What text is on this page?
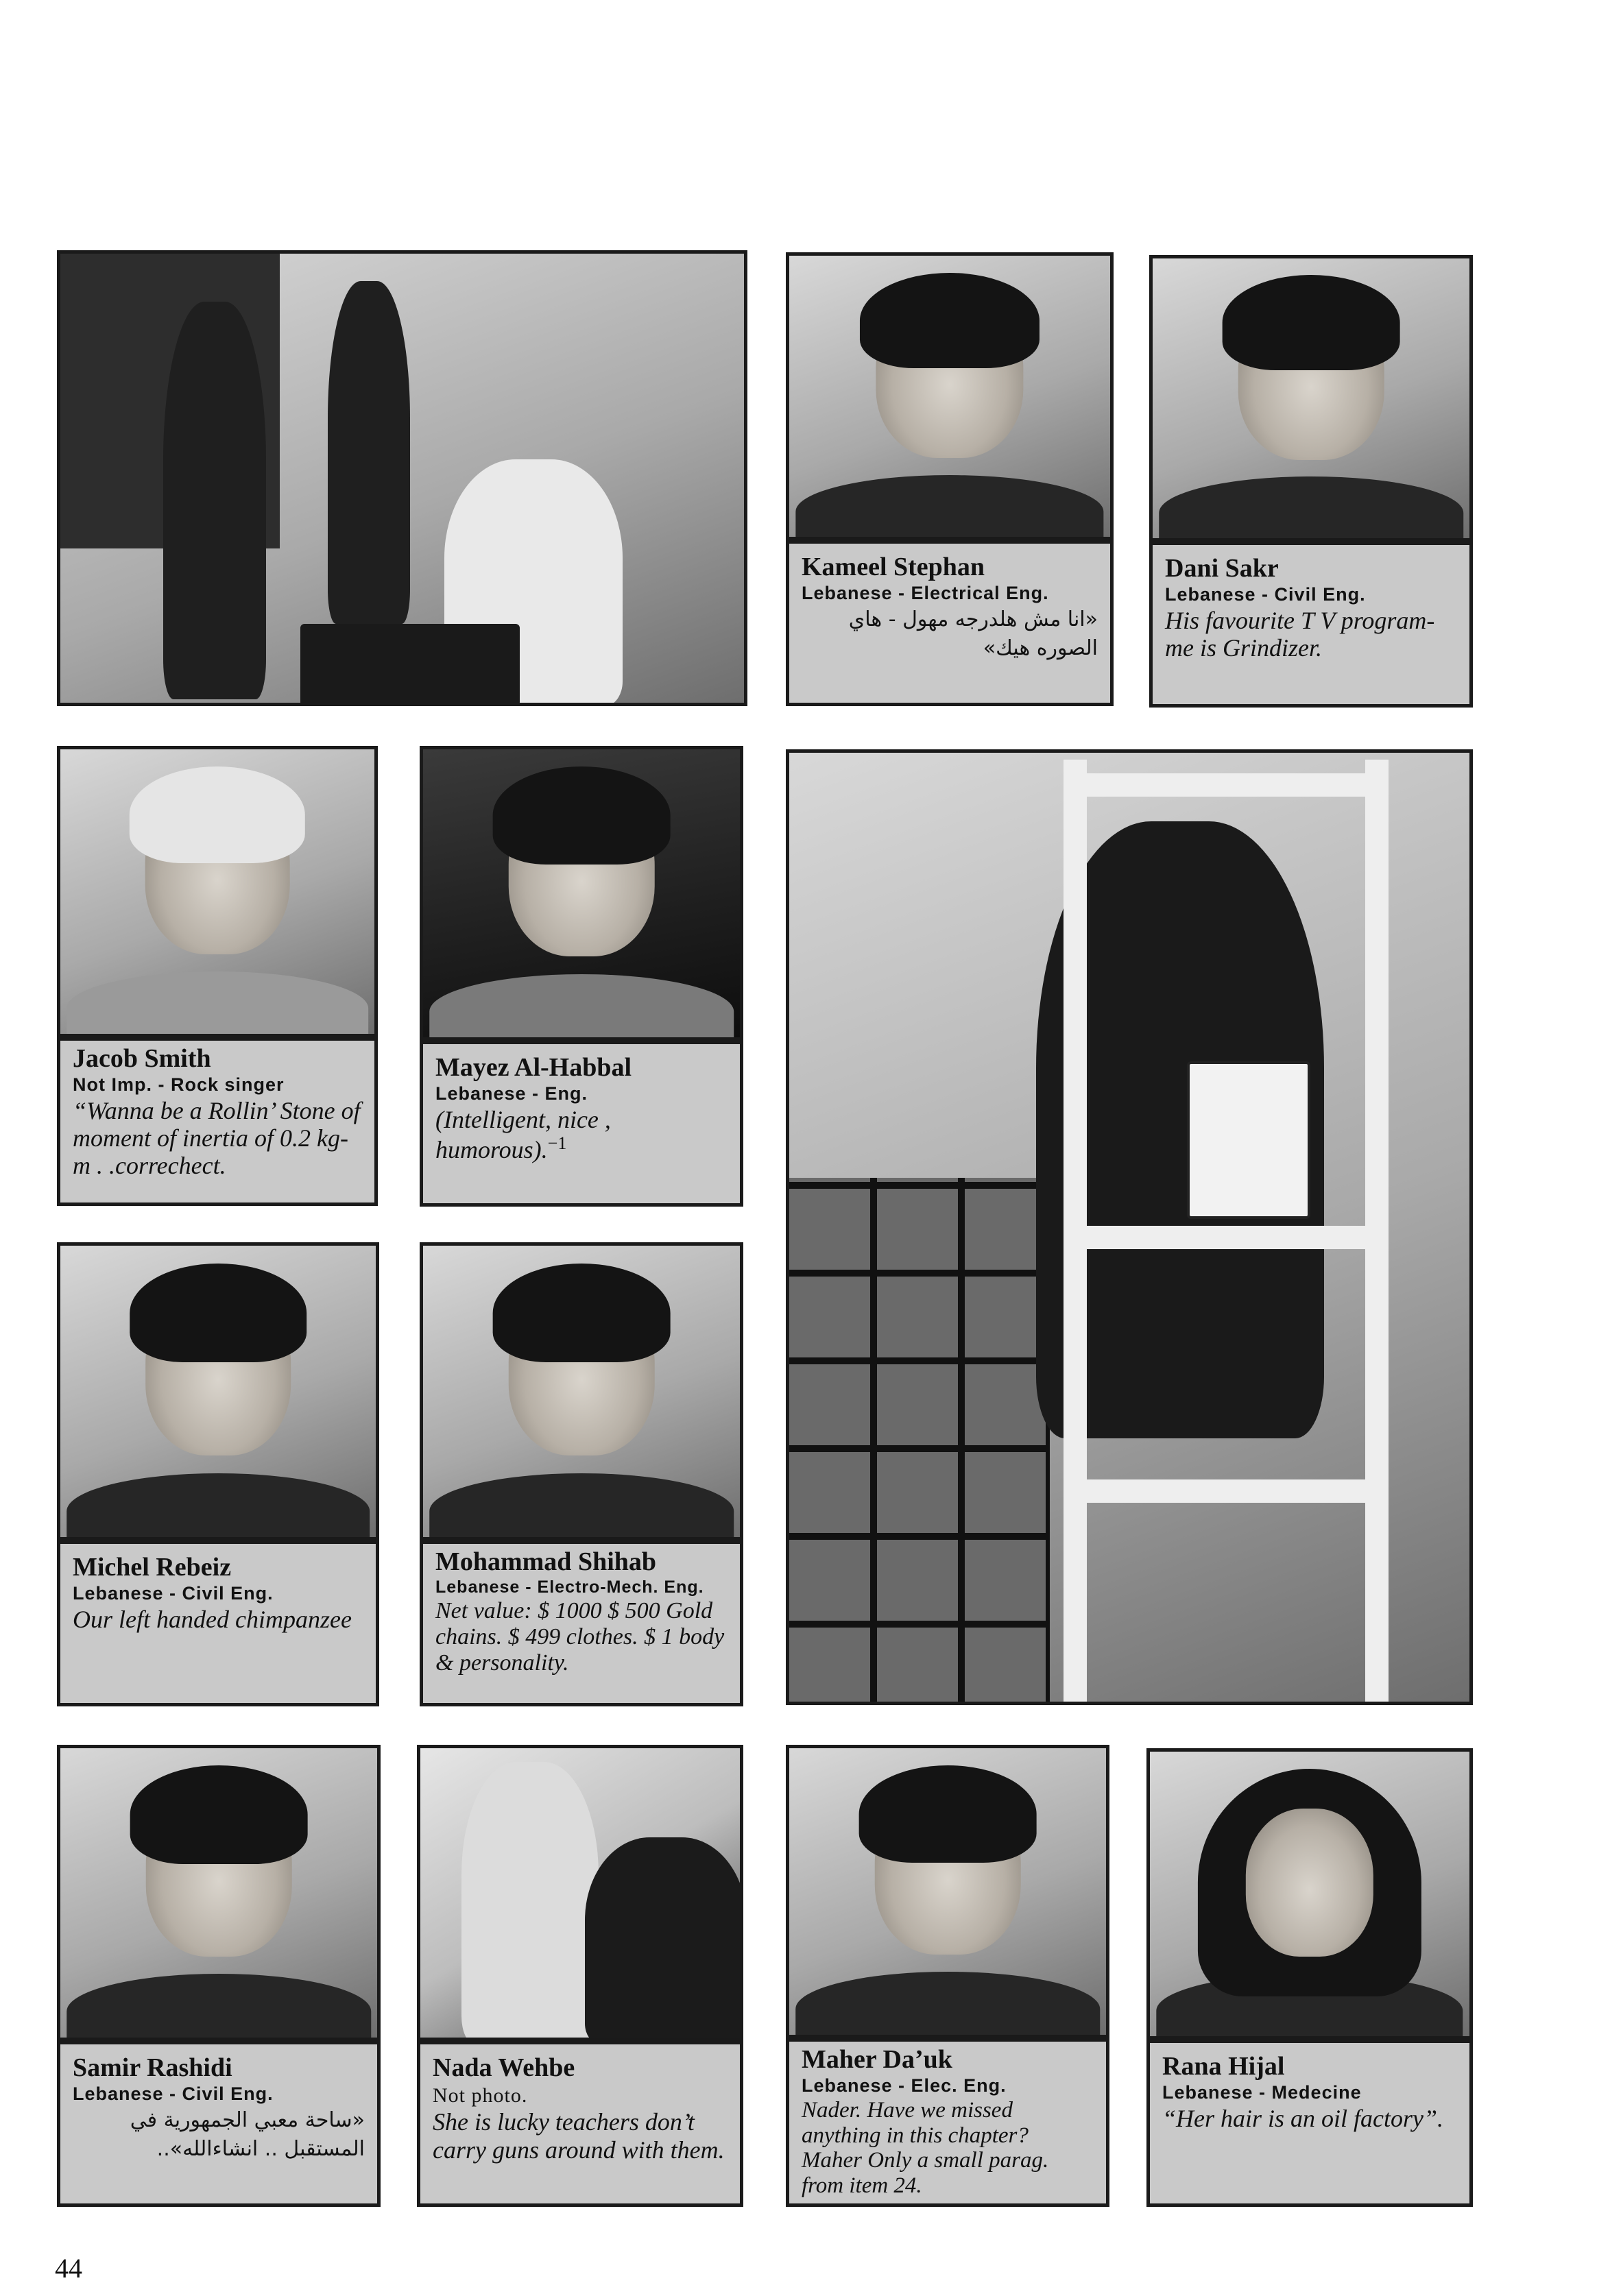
Kameel Stephan
Lebanese - Electrical Eng.
«انا مش هلدرجه مهول - هاي الصوره هيك»
Dani Sakr
Lebanese - Civil Eng.
His favourite T V program-me is Grindizer.
Jacob Smith
Not Imp. - Rock singer
“Wanna be a Rollin’ Stone of moment of inertia of 0.2 kg-m . .correchect.
Mayez Al-Habbal
Lebanese - Eng.
(Intelligent, nice , humorous).$^{-1}$
Michel Rebeiz
Lebanese - Civil Eng.
Our left handed chimpanzee
Mohammad Shihab
Lebanese - Electro-Mech. Eng.
Net value: $ 1000 $ 500 Gold chains. $ 499 clothes. $ 1 body & personality.
Samir Rashidi
Lebanese - Civil Eng.
«ساحة معبي الجمهورية في المستقبل .. انشاءالله»..
Nada Wehbe
Not photo.
She is lucky teachers don’t carry guns around with them.
Maher Da’uk
Lebanese - Elec. Eng.
Nader. Have we missed anything in this chapter? Maher Only a small parag. from item 24.
Rana Hijal
Lebanese - Medecine
“Her hair is an oil factory”.
44
